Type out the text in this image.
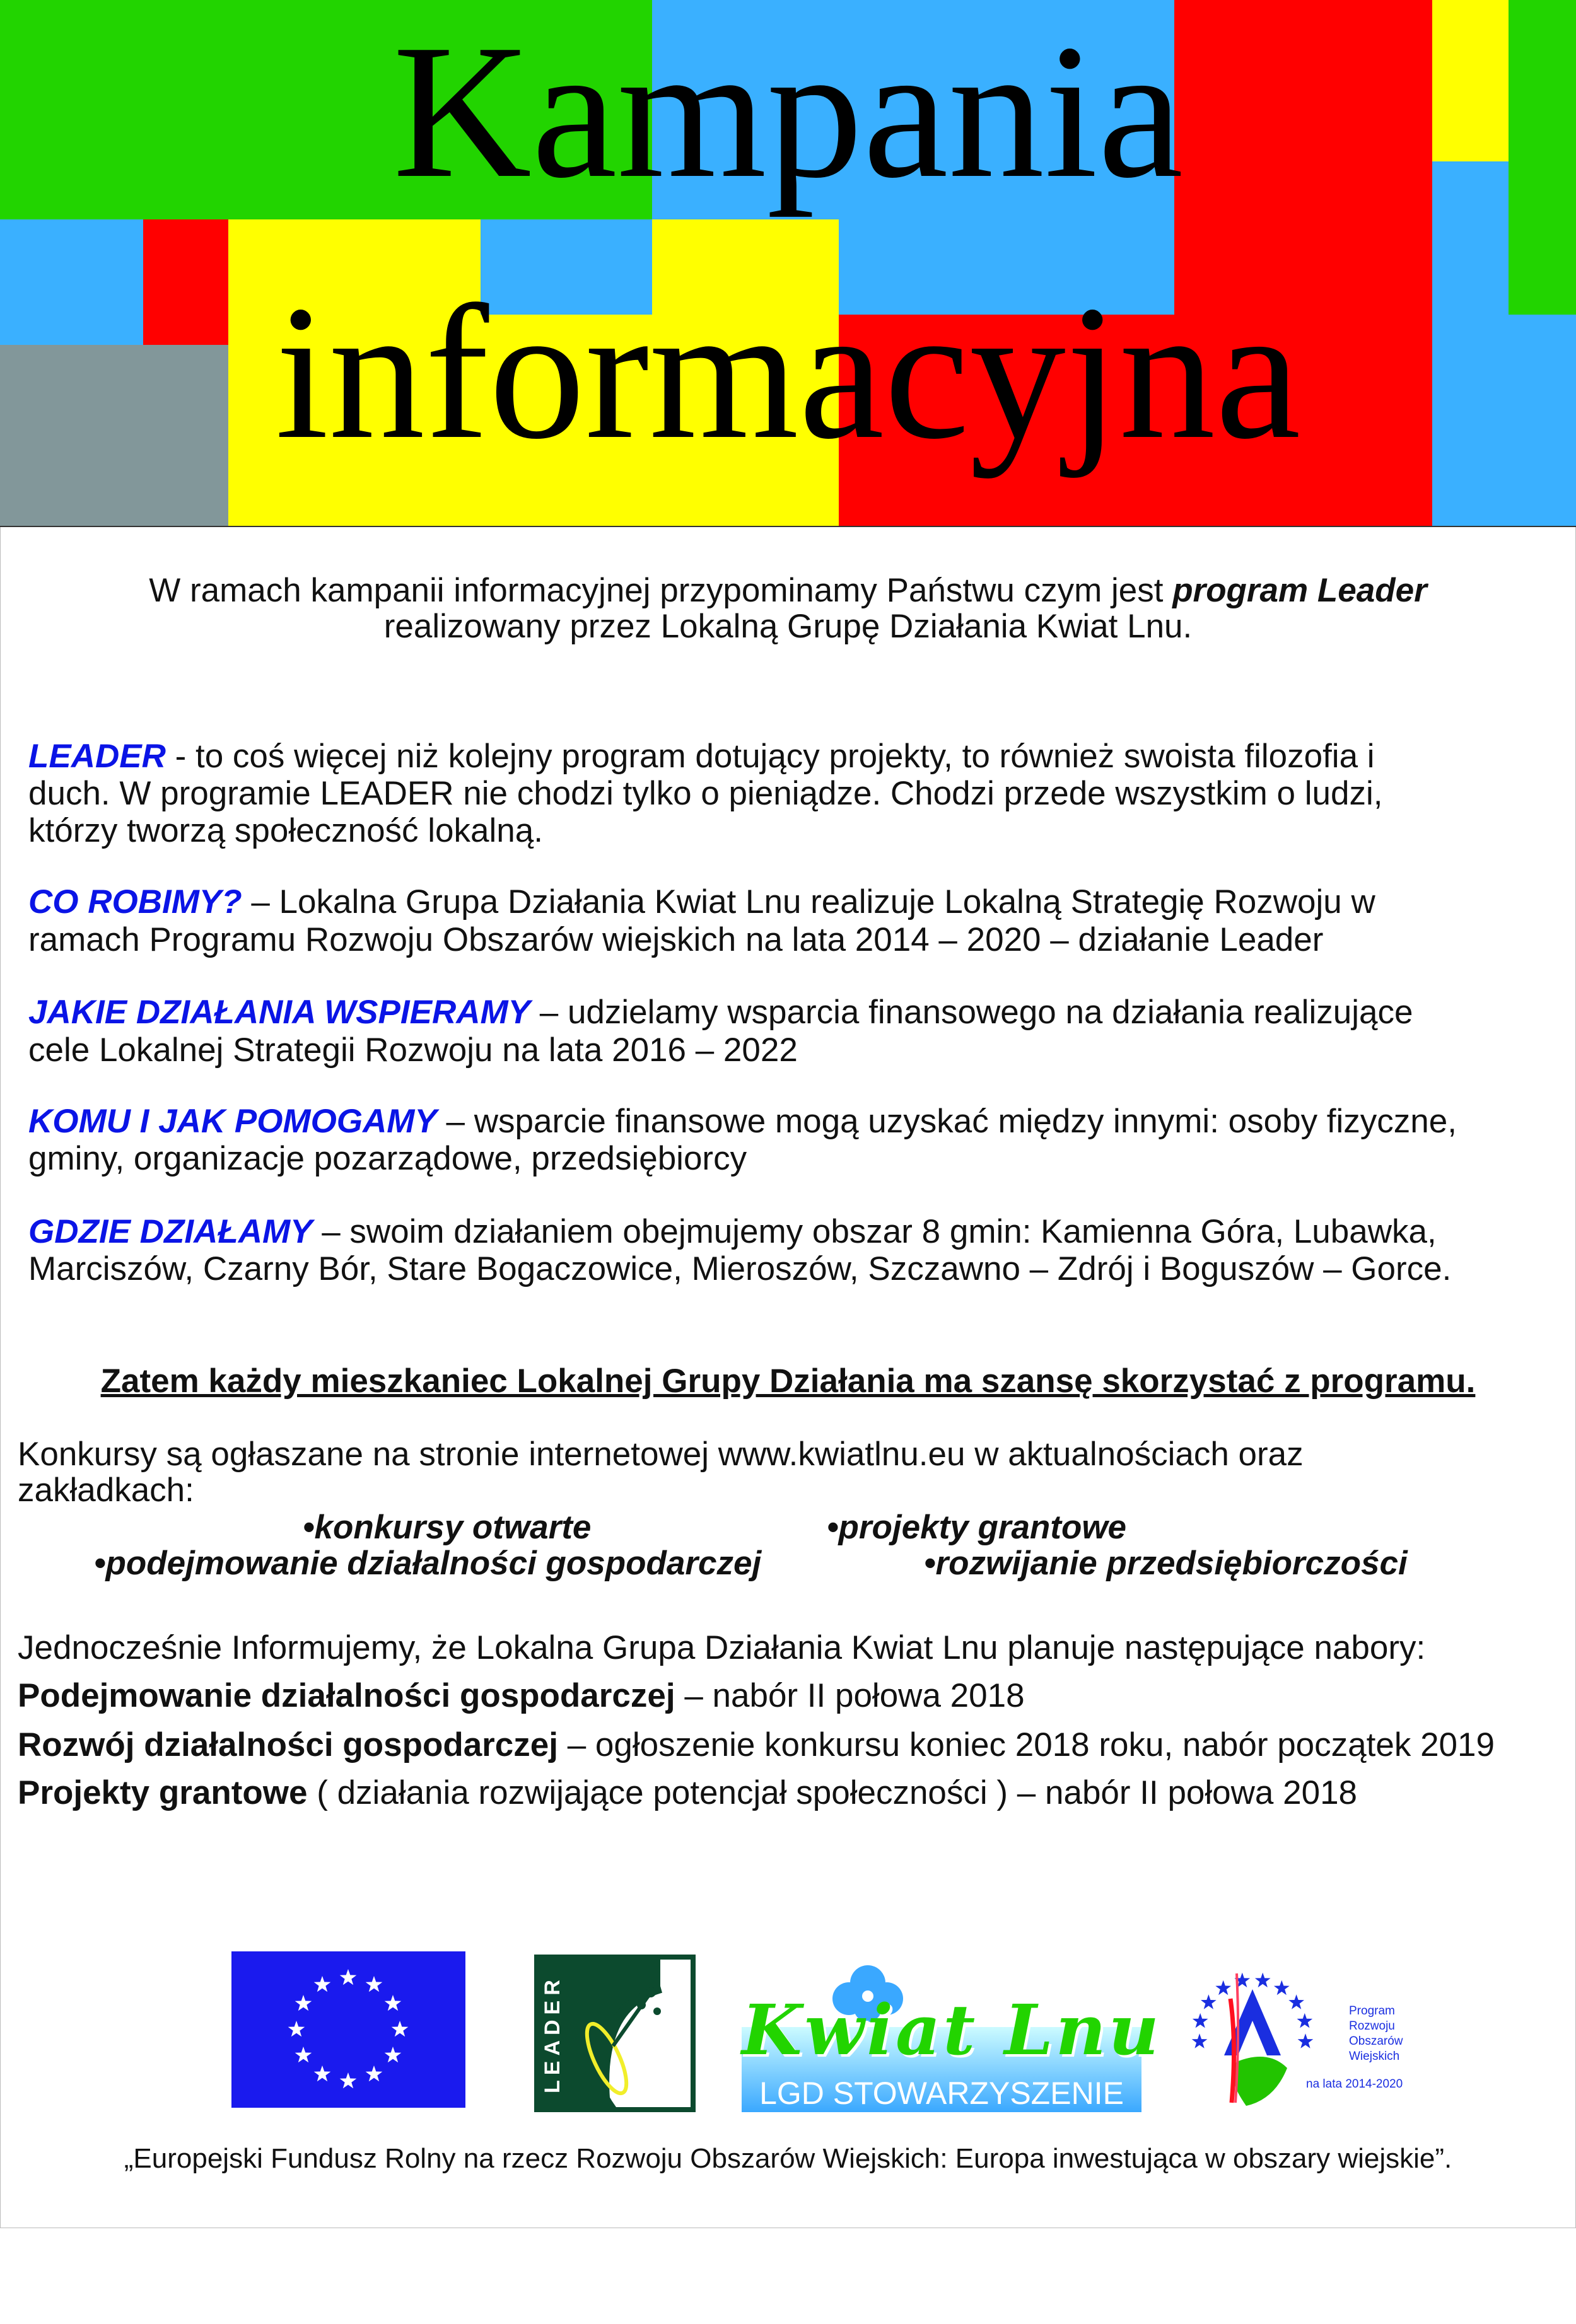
Kampania
informacyjna
W ramach kampanii informacyjnej przypominamy Państwu czym jest program Leader
realizowany przez Lokalną Grupę Działania Kwiat Lnu.
LEADER - to coś więcej niż kolejny program dotujący projekty, to również swoista filozofia i
duch. W programie LEADER nie chodzi tylko o pieniądze. Chodzi przede wszystkim o ludzi,
którzy tworzą społeczność lokalną.
CO ROBIMY? – Lokalna Grupa Działania Kwiat Lnu realizuje Lokalną Strategię Rozwoju w
ramach Programu Rozwoju Obszarów wiejskich na lata 2014 – 2020 – działanie Leader
JAKIE DZIAŁANIA WSPIERAMY – udzielamy wsparcia finansowego na działania realizujące
cele Lokalnej Strategii Rozwoju na lata 2016 – 2022
KOMU I JAK POMOGAMY – wsparcie finansowe mogą uzyskać między innymi: osoby fizyczne,
gminy, organizacje pozarządowe, przedsiębiorcy
GDZIE DZIAŁAMY – swoim działaniem obejmujemy obszar 8 gmin: Kamienna Góra, Lubawka,
Marciszów, Czarny Bór, Stare Bogaczowice, Mieroszów, Szczawno – Zdrój i Boguszów – Gorce.
Zatem każdy mieszkaniec Lokalnej Grupy Działania ma szansę skorzystać z programu.
Konkursy są ogłaszane na stronie internetowej www.kwiatlnu.eu w aktualnościach oraz
zakładkach:
•konkursy otwarte	•projekty grantowe
•podejmowanie działalności gospodarczej	•rozwijanie przedsiębiorczości
Jednocześnie Informujemy, że Lokalna Grupa Działania Kwiat Lnu planuje następujące nabory:
Podejmowanie działalności gospodarczej – nabór II połowa 2018
Rozwój działalności gospodarczej – ogłoszenie konkursu koniec 2018 roku, nabór początek 2019
Projekty grantowe ( działania rozwijające potencjał społeczności ) – nabór II połowa 2018
LEADER	Kwiat Lnu
LGD STOWARZYSZENIE
Program
Rozwoju
Obszarów
Wiejskich
na lata 2014-2020
„Europejski Fundusz Rolny na rzecz Rozwoju Obszarów Wiejskich: Europa inwestująca w obszary wiejskie”.
